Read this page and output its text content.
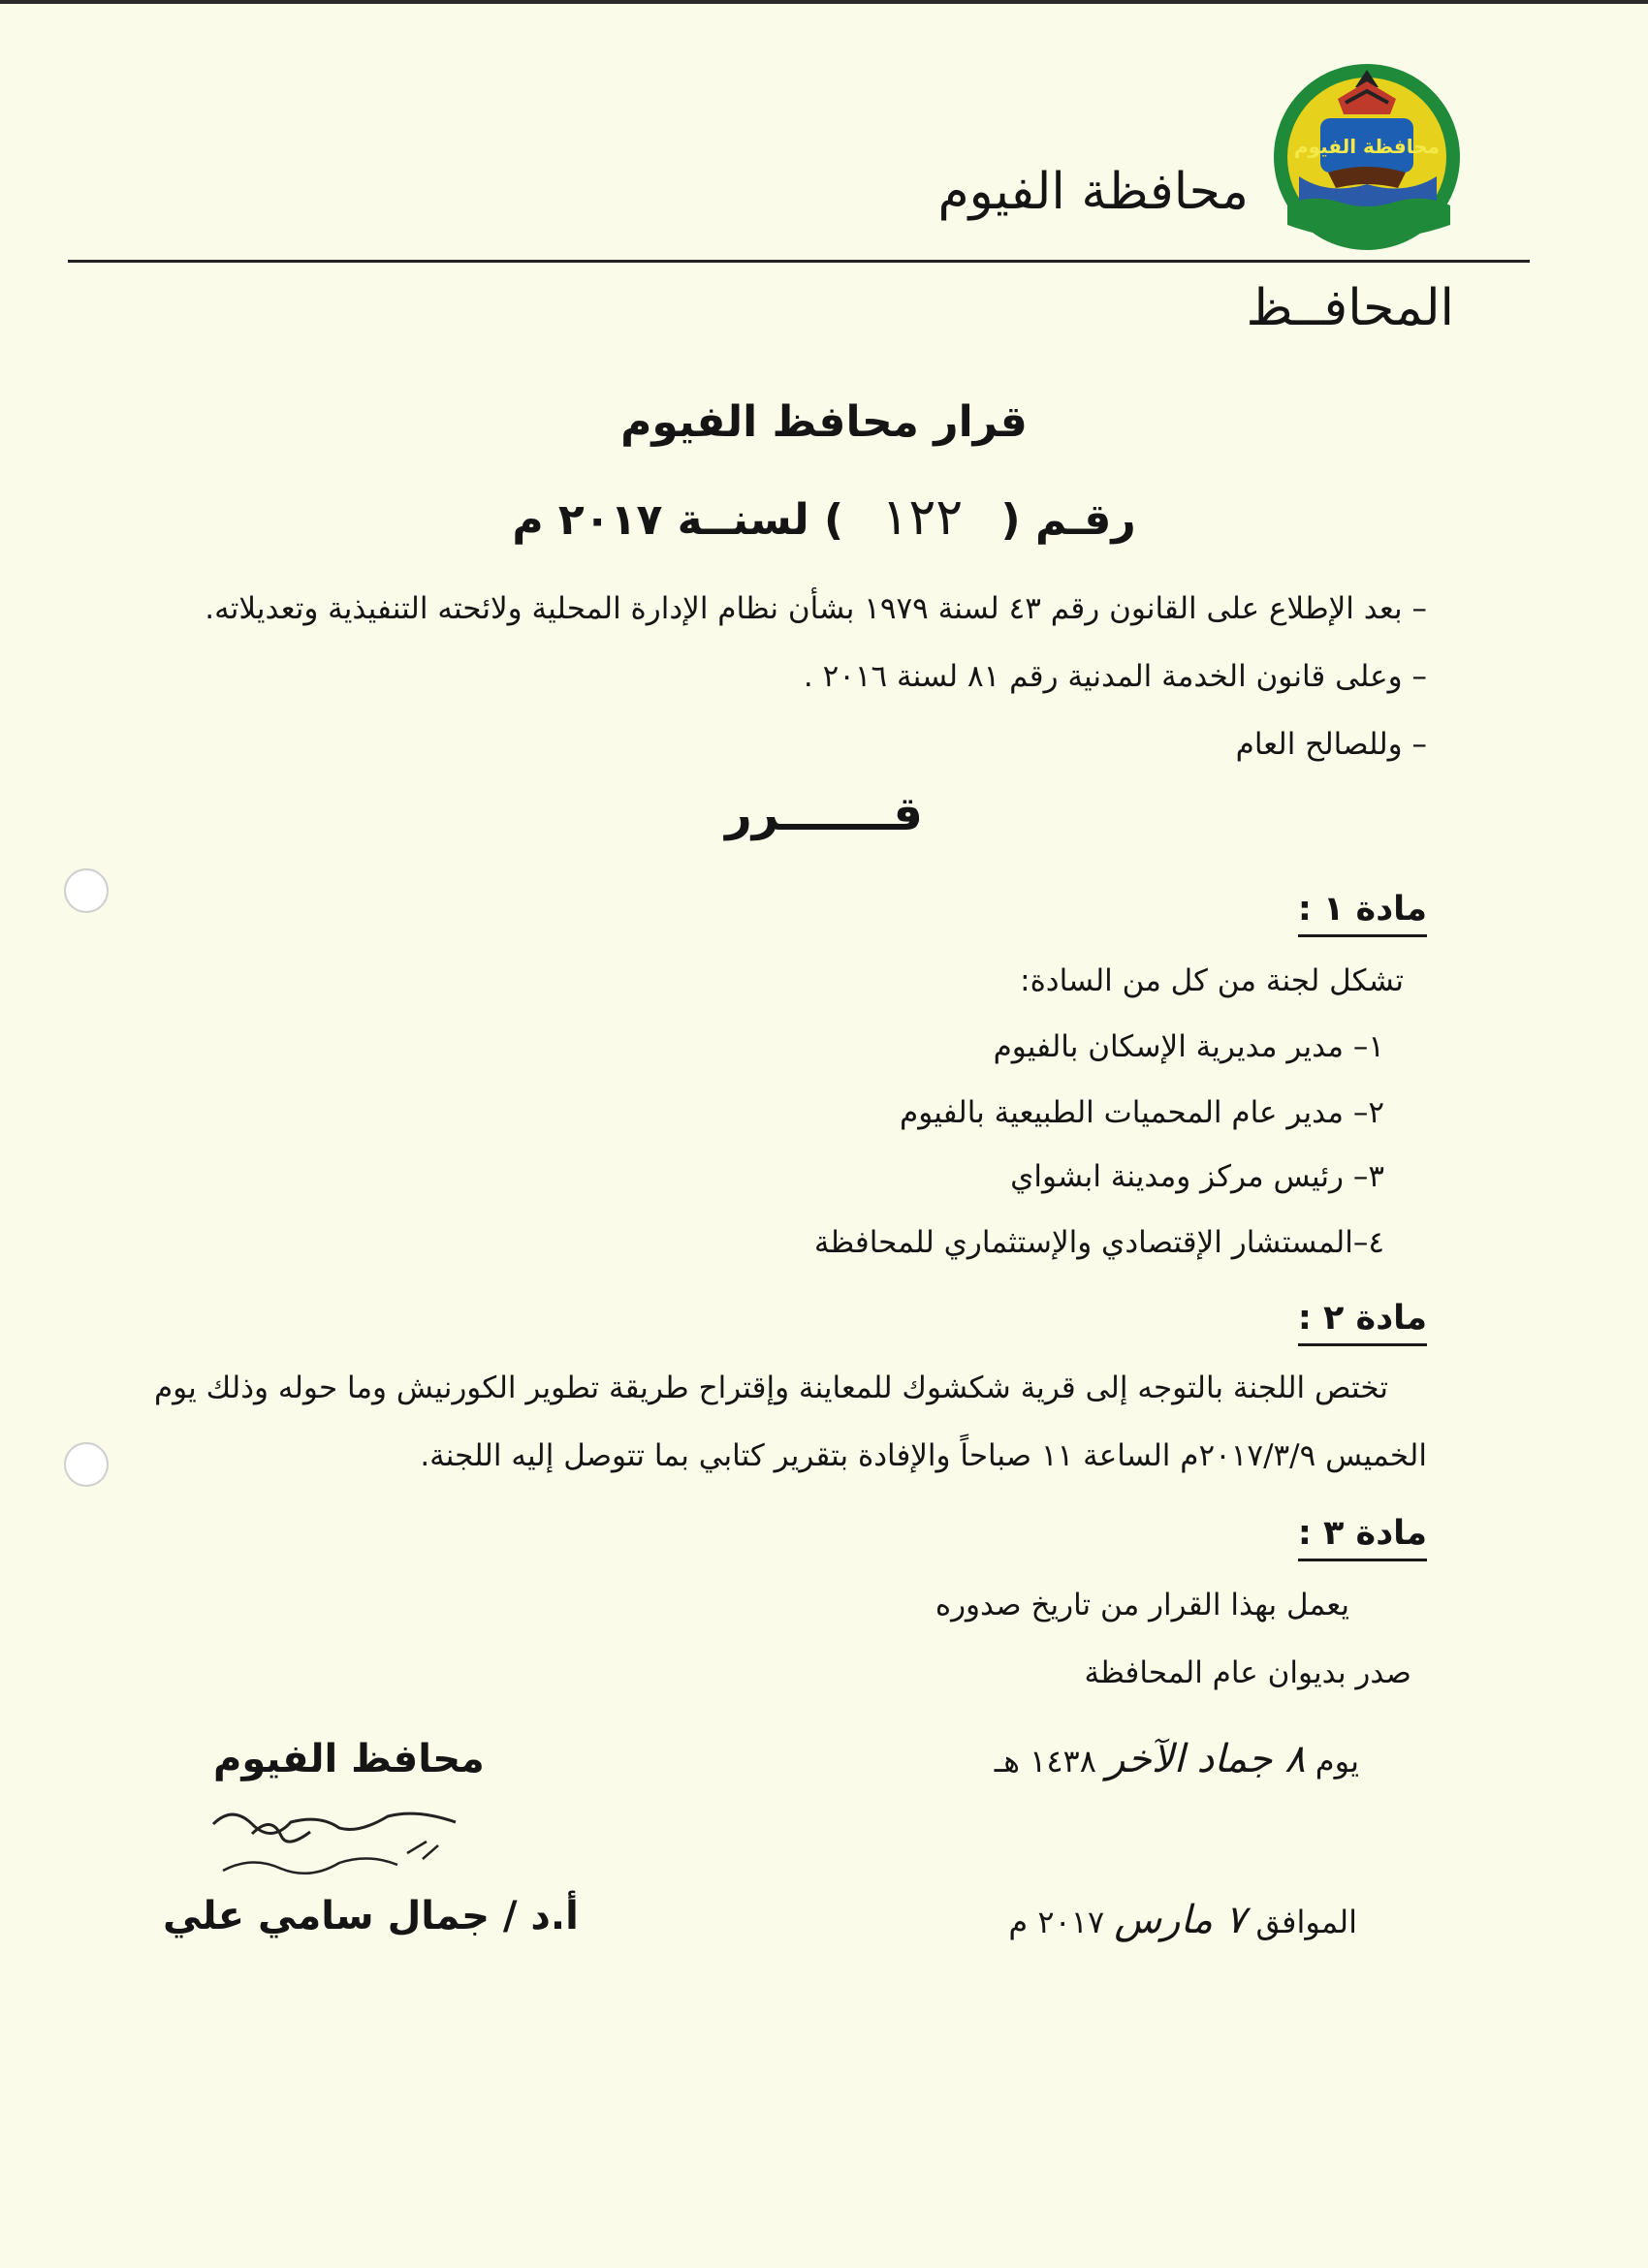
محافظة الفيوم
محافظة الفيوم
المحافــظ
قرار محافظ الفيوم
رقـم ( ١٢٢ ) لسنــة ٢٠١٧ م
– بعد الإطلاع على القانون رقم ٤٣ لسنة ١٩٧٩ بشأن نظام الإدارة المحلية ولائحته التنفيذية وتعديلاته.
– وعلى قانون الخدمة المدنية رقم ٨١ لسنة ٢٠١٦ .
– وللصالح العام
قـــــــرر
مادة ١ :
تشكل لجنة من كل من السادة:
١– مدير مديرية الإسكان بالفيوم
٢– مدير عام المحميات الطبيعية بالفيوم
٣– رئيس مركز ومدينة ابشواي
٤–المستشار الإقتصادي والإستثماري للمحافظة
مادة ٢ :
تختص اللجنة بالتوجه إلى قرية شكشوك للمعاينة وإقتراح طريقة تطوير الكورنيش وما حوله وذلك يوم
الخميس ٢٠١٧/٣/٩م الساعة ١١ صباحاً والإفادة بتقرير كتابي بما تتوصل إليه اللجنة.
مادة ٣ :
يعمل بهذا القرار من تاريخ صدوره
صدر بديوان عام المحافظة
يوم ٨ جماد الآخر ١٤٣٨ هـ
الموافق ٧ مارس ٢٠١٧ م
محافظ الفيوم
أ.د / جمال سامي علي
